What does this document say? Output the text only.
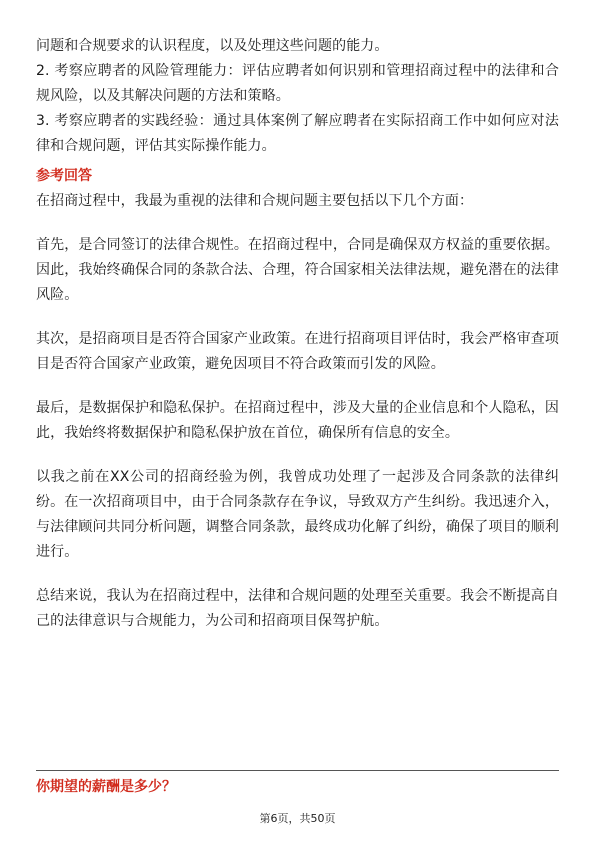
问题和合规要求的认识程度，以及处理这些问题的能力。

2. 考察应聘者的风险管理能力：评估应聘者如何识别和管理招商过程中的法律和合规风险，以及其解决问题的方法和策略。

3. 考察应聘者的实践经验：通过具体案例了解应聘者在实际招商工作中如何应对法律和合规问题，评估其实际操作能力。

参考回答

在招商过程中，我最为重视的法律和合规问题主要包括以下几个方面：

首先，是合同签订的法律合规性。在招商过程中，合同是确保双方权益的重要依据。因此，我始终确保合同的条款合法、合理，符合国家相关法律法规，避免潜在的法律风险。

其次，是招商项目是否符合国家产业政策。在进行招商项目评估时，我会严格审查项目是否符合国家产业政策，避免因项目不符合政策而引发的风险。

最后，是数据保护和隐私保护。在招商过程中，涉及大量的企业信息和个人隐私，因此，我始终将数据保护和隐私保护放在首位，确保所有信息的安全。

以我之前在XX公司的招商经验为例，我曾成功处理了一起涉及合同条款的法律纠纷。在一次招商项目中，由于合同条款存在争议，导致双方产生纠纷。我迅速介入，与法律顾问共同分析问题，调整合同条款，最终成功化解了纠纷，确保了项目的顺利进行。

总结来说，我认为在招商过程中，法律和合规问题的处理至关重要。我会不断提高自己的法律意识与合规能力，为公司和招商项目保驾护航。

你期望的薪酬是多少？

第6页，共50页
